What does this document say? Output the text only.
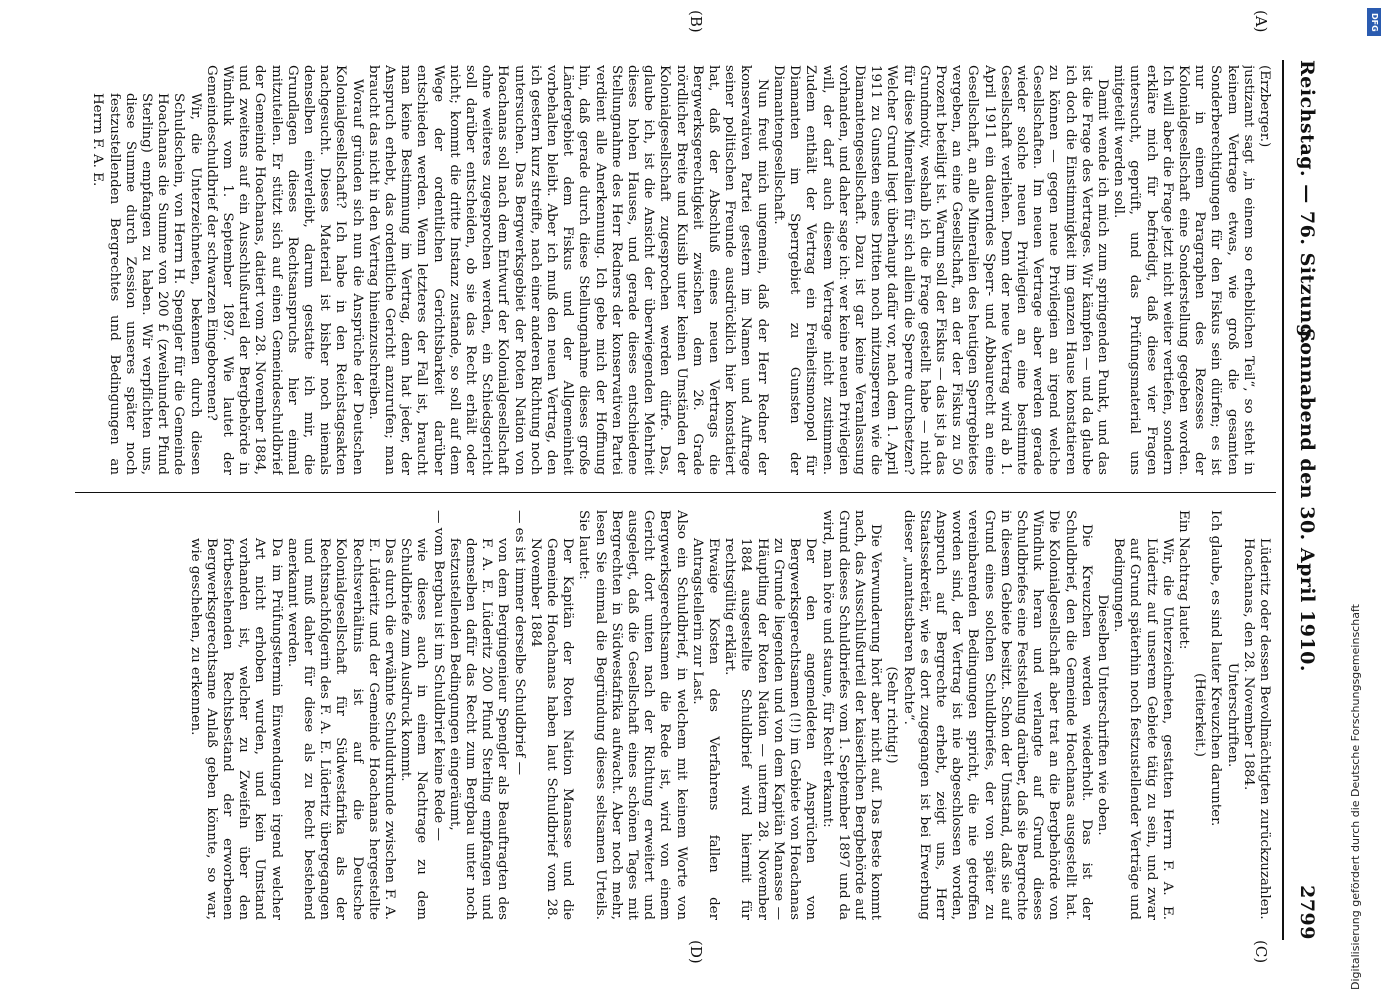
Reichstag. — 76. Sitzung.
Sonnabend den 30. April 1910.
2799
(A)
(B)
(C)
(D)

(Erzberger.)

justizamt sagt „in einem so erheblichen Teil“, so steht in keinem Vertrage etwas, wie groß die gesamten Sonderberechtigungen für den Fiskus sein dürfen; es ist nur in einem Paragraphen des Rezesses der Kolonialgesellschaft eine Sonderstellung gegeben worden. Ich will aber die Frage jetzt nicht weiter vertiefen, sondern erkläre mich für befriedigt, daß diese vier Fragen untersucht, geprüft, und das Prüfungsmaterial uns mitgeteilt werden soll.

Damit wende ich mich zum springenden Punkt, und das ist die Frage des Vertrages. Wir kämpfen — und da glaube ich doch die Einstimmigkeit im ganzen Hause konstatieren zu können — gegen neue Privilegien an irgend welche Gesellschaften. Im neuen Vertrage aber werden gerade wieder solche neuen Privilegien an eine bestimmte Gesellschaft verliehen. Denn der neue Vertrag wird ab 1. April 1911 ein dauerndes Sperr- und Abbaurecht an eine Gesellschaft, an alle Mineralien des heutigen Sperrgebietes vergeben, an eine Gesellschaft, an der der Fiskus zu 50 Prozent beteiligt ist. Warum soll der Fiskus — das ist ja das Grundmotiv, weshalb ich die Frage gestellt habe — nicht für diese Mineralien für sich allein die Sperre durchsetzen? Welcher Grund liegt überhaupt dafür vor, nach dem 1. April 1911 zu Gunsten eines Dritten noch mitzusperren wie die Diamantengesellschaft. Dazu ist gar keine Veranlassung vorhanden, und daher sage ich: wer keine neuen Privilegien will, der darf auch diesem Vertrage nicht zustimmen. Zudem enthält der Vertrag ein Freiheitsmonopol für Diamanten im Sperrgebiet zu Gunsten der Diamantengesellschaft.

Nun freut mich ungemein, daß der Herr Redner der konservativen Partei gestern im Namen und Auftrage seiner politischen Freunde ausdrücklich hier konstatiert hat, daß der Abschluß eines neuen Vertrags die Bergwerksgerechtigkeit zwischen dem 26. Grade nördlicher Breite und Kuisib unter keinen Umständen der Kolonialgesellschaft zugesprochen werden dürfe. Das, glaube ich, ist die Ansicht der überwiegenden Mehrheit dieses hohen Hauses, und gerade dieses entschiedene Stellungnahme des Herr Redners der konservativen Partei verdient alle Anerkennung. Ich gebe mich der Hoffnung hin, daß gerade durch diese Stellungnahme dieses große Ländergebiet dem Fiskus und der Allgemeinheit vorbehalten bleibt. Aber ich muß den neuen Vertrag, den ich gestern kurz streifte, nach einer anderen Richtung noch untersuchen. Das Bergwerksgebiet der Roten Nation von Hoachanas soll nach dem Entwurf der Kolonialgesellschaft ohne weiteres zugesprochen werden, ein Schiedsgericht soll darüber entscheiden, ob sie das Recht erhält oder nicht; kommt die dritte Instanz zustande, so soll auf dem Wege der ordentlichen Gerichtsbarkeit darüber entschieden werden. Wenn letzteres der Fall ist, braucht man keine Bestimmung im Vertrag, denn hat jeder, der Anspruch erhebt, das ordentliche Gericht anzurufen; man braucht das nicht in den Vertrag hineinzuschreiben.

Worauf gründen sich nun die Ansprüche der Deutschen Kolonialgesellschaft? Ich habe in den Reichstagsakten nachgesucht. Dieses Material ist bisher noch niemals denselben einverleibt, darum gestatte ich mir, die Grundlagen dieses Rechtsanspruchs hier einmal mitzuteilen. Er stützt sich auf einen Gemeindeschuldbrief der Gemeinde Hoachanas, datiert vom 28. November 1884, und zweitens auf ein Ausschlußurteil der Bergbehörde in Windhuk vom 1. September 1897. Wie lautet der Gemeindeschuldbrief der schwarzen Eingeborenen?

Wir, die Unterzeichneten, bekennen durch diesen Schuldschein, von Herrn H. Spengler für die Gemeinde Hoachanas die Summe von 200 £ (zweihundert Pfund Sterling) empfangen zu haben. Wir verpflichten uns, diese Summe durch Zession unseres später noch festzustellenden Bergrechtes und Bedingungen an Herrn F. A. E.

Lüderitz oder dessen Bevollmächtigten zurückzuzahlen.

Hoachanas, den 28. November 1884.

Unterschriften.

Ich glaube, es sind lauter Kreuzchen darunter.

(Heiterkeit.)

Ein Nachtrag lautet:

Wir, die Unterzeichneten, gestatten Herrn F. A. E. Lüderitz auf unserem Gebiete tätig zu sein, und zwar auf Grund späterhin noch festzustellender Verträge und Bedingungen.

Dieselben Unterschriften wie oben.

Die Kreuzchen werden wiederholt. Das ist der Schuldbrief, den die Gemeinde Hoachanas ausgestellt hat. Die Kolonialgesellschaft aber trat an die Bergbehörde von Windhuk heran und verlangte auf Grund dieses Schuldbriefes eine Feststellung darüber, daß sie Bergrechte in diesem Gebiete besitzt. Schon der Umstand, daß sie auf Grund eines solchen Schuldbriefes, der von später zu vereinbarenden Bedingungen spricht, die nie getroffen worden sind, der Vertrag ist nie abgeschlossen worden, Anspruch auf Bergrechte erhebt, zeigt uns, Herr Staatssekretär, wie es dort zugegangen ist bei Erwerbung dieser „unantastbaren Rechte“.

(Sehr richtig!)

Die Verwunderung hört aber nicht auf. Das Beste kommt nach, das Ausschlußurteil der kaiserlichen Bergbehörde auf Grund dieses Schuldbriefes vom 1. September 1897 und da wird, man höre und staune, für Recht erkannt:

Der den angemeldeten Ansprüchen von Bergwerksgerechtsamen (!!) im Gebiete von Hoachanas zu Grunde liegenden und von dem Kapitän Manasse — Häuptling der Roten Nation — unterm 28. November 1884 ausgestellte Schuldbrief wird hiermit für rechtsgültig erklärt.

Etwaige Kosten des Verfahrens fallen der Antragstellerin zur Last.

Also ein Schuldbrief, in welchem mit keinem Worte von Bergwerksgerechtsamen die Rede ist, wird von einem Gericht dort unten nach der Richtung erweitert und ausgelegt, daß die Gesellschaft eines schönen Tages mit Bergrechten in Südwestafrika aufwacht. Aber noch mehr, lesen Sie einmal die Begründung dieses seltsamen Urteils. Sie lautet:

Der Kapitän der Roten Nation Manasse und die Gemeinde Hoachanas haben laut Schuldbrief vom 28. November 1884

— es ist immer derselbe Schuldbrief —

von dem Bergingenieur Spengler als Beauftragten des F. A. E. Lüderitz 200 Pfund Sterling empfangen und demselben dafür das Recht zum Bergbau unter noch festzustellenden Bedingungen eingeräumt,

— vom Bergbau ist im Schuldbrief keine Rede —

wie dieses auch in einem Nachtrage zu dem Schuldbriefe zum Ausdruck kommt.

Das durch die erwähnte Schuldurkunde zwischen F. A. E. Lüderitz und der Gemeinde Hoachanas hergestellte Rechtsverhältnis ist auf die Deutsche Kolonialgesellschaft für Südwestafrika als der Rechtsnachfolgerin des F. A. E. Lüderitz übergegangen und muß daher für diese als zu Recht bestehend anerkannt werden.

Da im Prüfungstermin Einwendungen irgend welcher Art nicht erhoben wurden, und kein Umstand vorhanden ist, welcher zu Zweifeln über den fortbestehenden Rechtsbestand der erworbenen Bergwerksgerechtsame Anlaß geben könnte, so war, wie geschehen, zu erkennen.	Digitalisierung gefördert durch die Deutsche Forschungsgemeinschaft
DFG
